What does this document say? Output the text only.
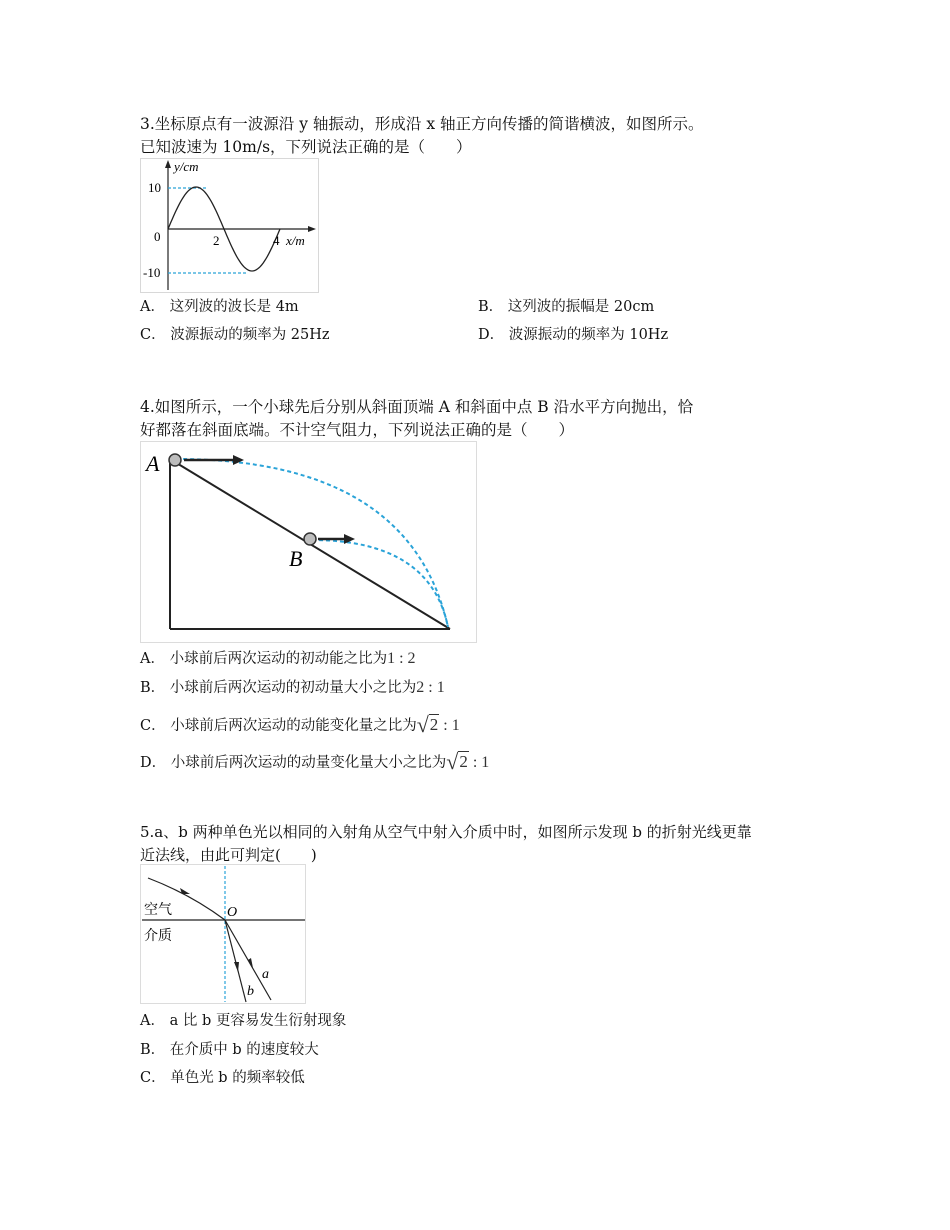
3.坐标原点有一波源沿 y 轴振动，形成沿 x 轴正方向传播的简谐横波，如图所示。
已知波速为 10m/s，下列说法正确的是（　　）
y/cm
10
0
-10
2	4 x/m
A． 这列波的波长是 4m	B． 这列波的振幅是 20cm
C． 波源振动的频率为 25Hz	D． 波源振动的频率为 10Hz
4.如图所示，一个小球先后分别从斜面顶端 A 和斜面中点 B 沿水平方向抛出，恰
好都落在斜面底端。不计空气阻力，下列说法正确的是（　　）
A
B
A． 小球前后两次运动的初动能之比为1 : 2
B． 小球前后两次运动的初动量大小之比为2 : 1
C． 小球前后两次运动的动能变化量之比为√2 : 1
D． 小球前后两次运动的动量变化量大小之比为√2 : 1
5.a、b 两种单色光以相同的入射角从空气中射入介质中时，如图所示发现 b 的折射光线更靠
近法线，由此可判定(　　)
空气
介质
O
a
b
A． a 比 b 更容易发生衍射现象
B． 在介质中 b 的速度较大
C． 单色光 b 的频率较低
